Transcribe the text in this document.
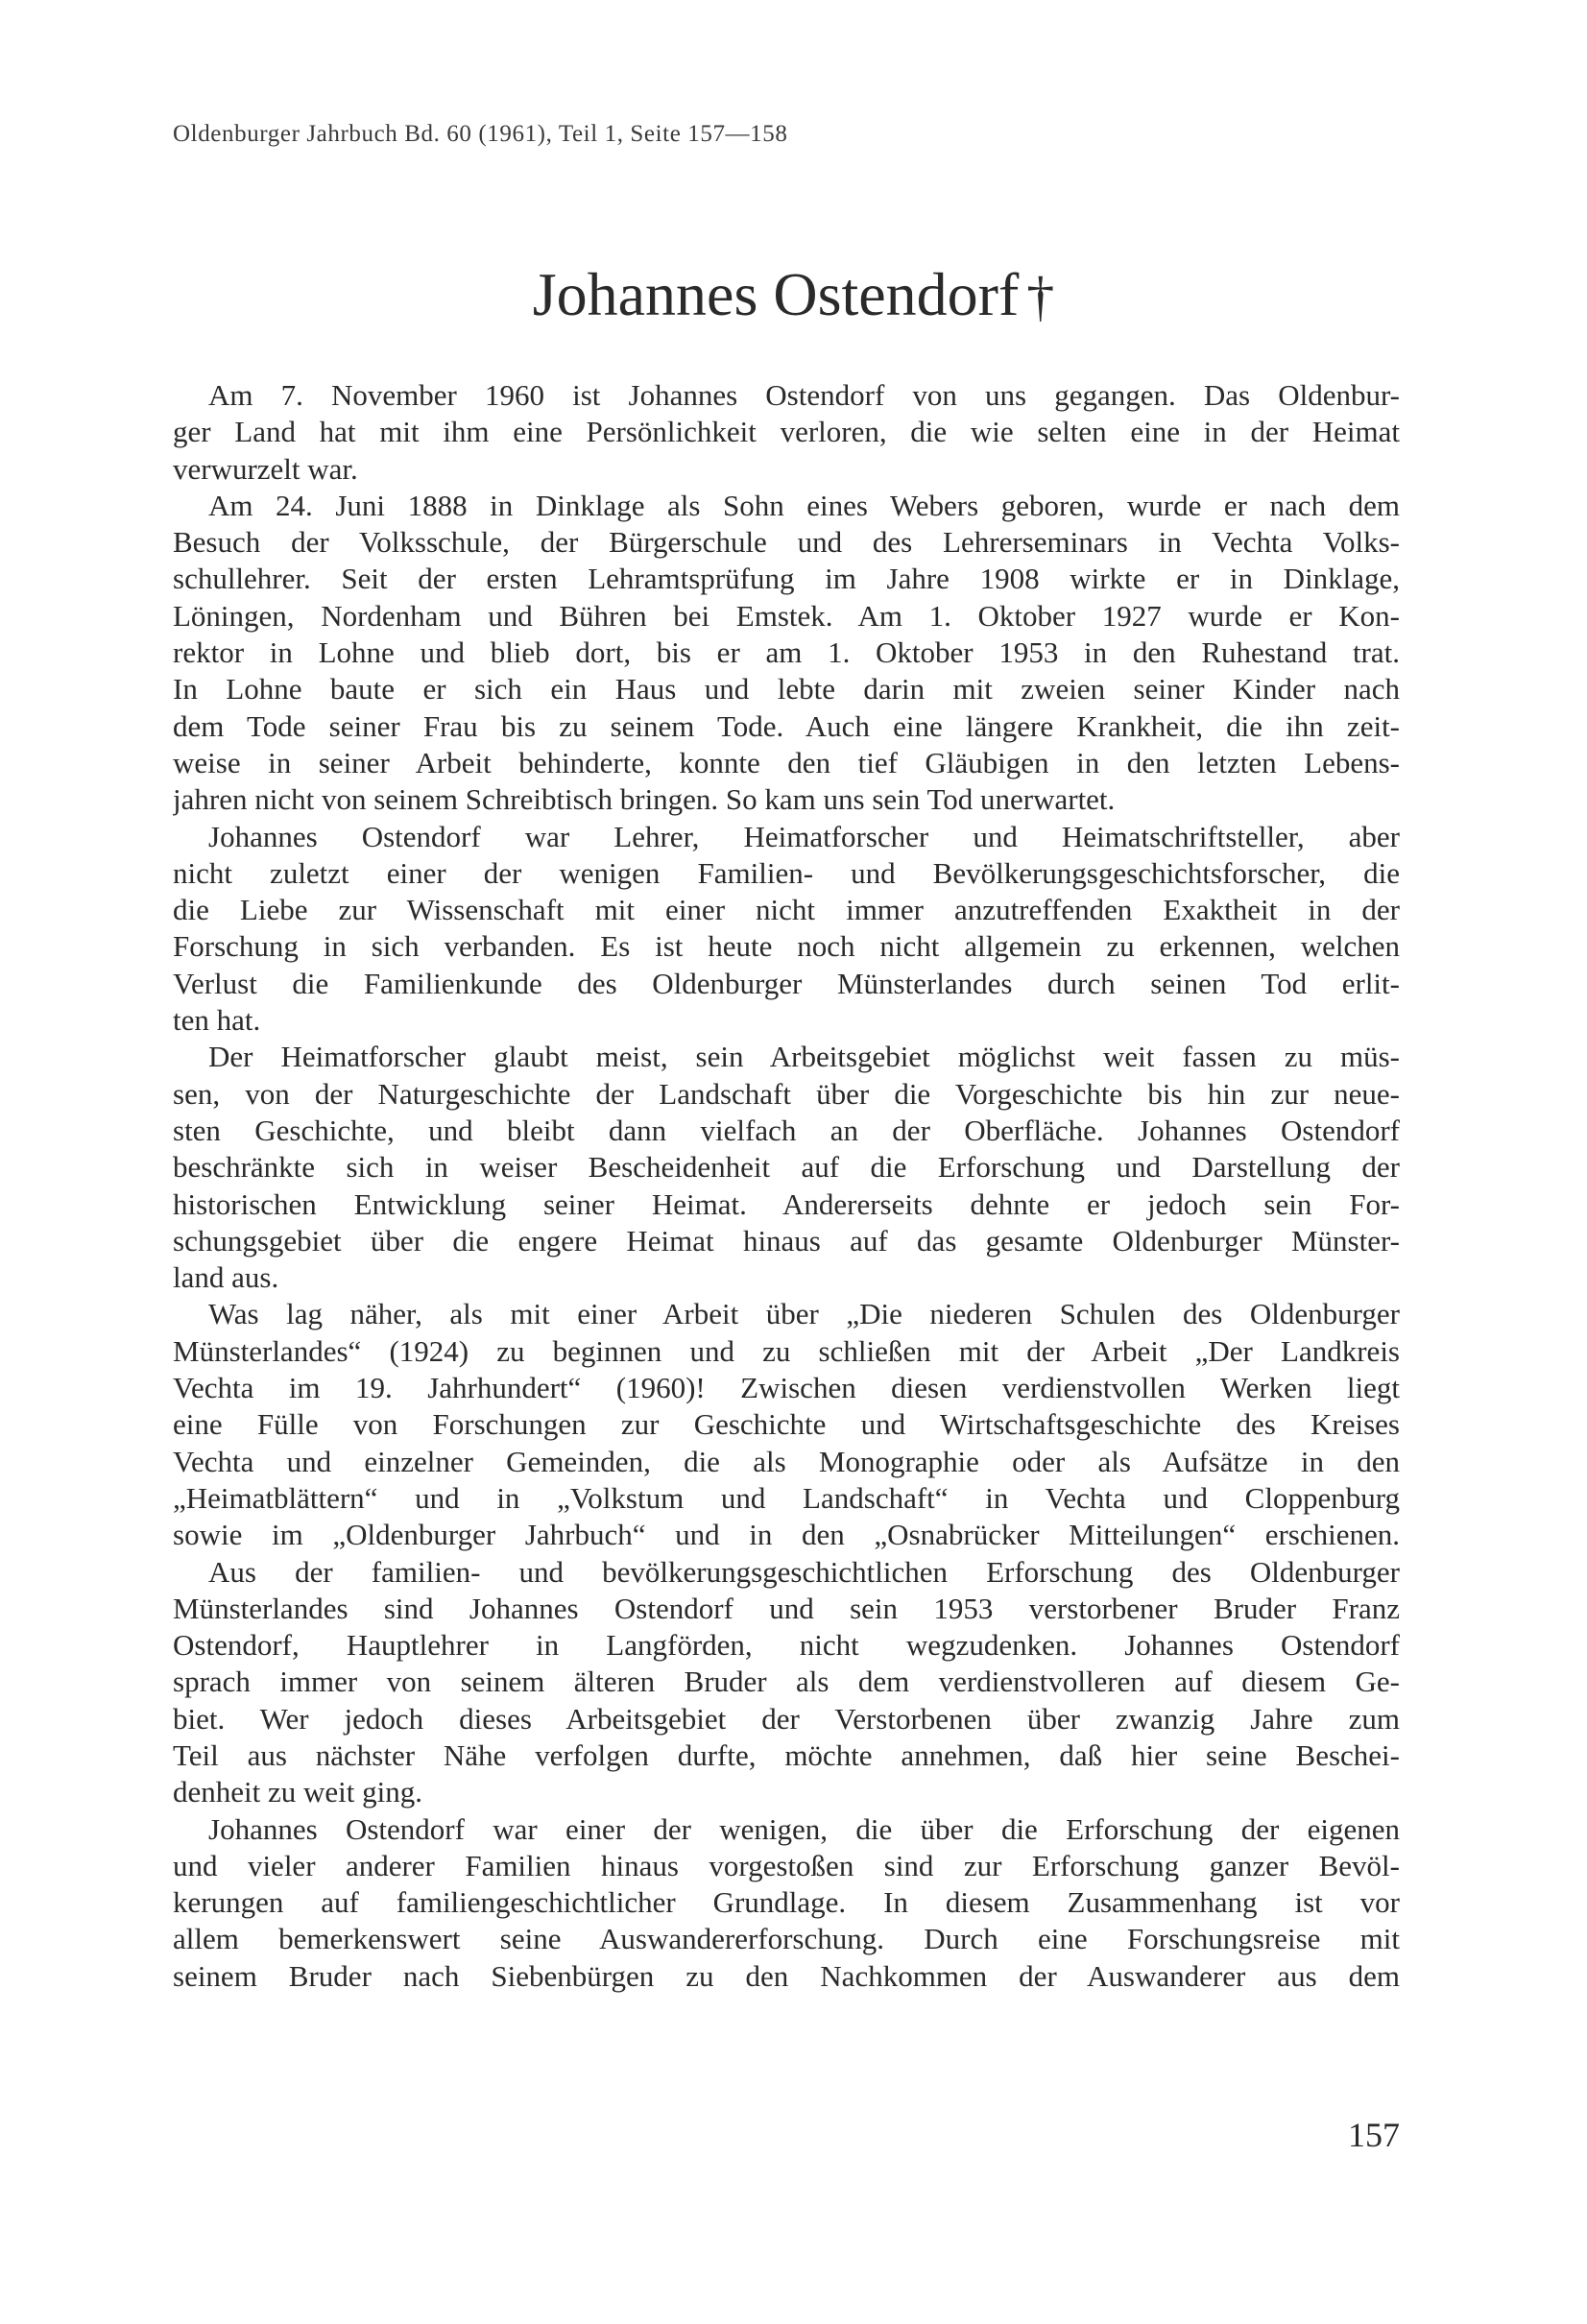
Oldenburger Jahrbuch Bd. 60 (1961), Teil 1, Seite 157—158
Johannes Ostendorf †
Am 7. November 1960 ist Johannes Ostendorf von uns gegangen. Das Oldenbur-
ger Land hat mit ihm eine Persönlichkeit verloren, die wie selten eine in der Heimat
verwurzelt war.
Am 24. Juni 1888 in Dinklage als Sohn eines Webers geboren, wurde er nach dem
Besuch der Volksschule, der Bürgerschule und des Lehrerseminars in Vechta Volks-
schullehrer. Seit der ersten Lehramtsprüfung im Jahre 1908 wirkte er in Dinklage,
Löningen, Nordenham und Bühren bei Emstek. Am 1. Oktober 1927 wurde er Kon-
rektor in Lohne und blieb dort, bis er am 1. Oktober 1953 in den Ruhestand trat.
In Lohne baute er sich ein Haus und lebte darin mit zweien seiner Kinder nach
dem Tode seiner Frau bis zu seinem Tode. Auch eine längere Krankheit, die ihn zeit-
weise in seiner Arbeit behinderte, konnte den tief Gläubigen in den letzten Lebens-
jahren nicht von seinem Schreibtisch bringen. So kam uns sein Tod unerwartet.
Johannes Ostendorf war Lehrer, Heimatforscher und Heimatschriftsteller, aber
nicht zuletzt einer der wenigen Familien- und Bevölkerungsgeschichtsforscher, die
die Liebe zur Wissenschaft mit einer nicht immer anzutreffenden Exaktheit in der
Forschung in sich verbanden. Es ist heute noch nicht allgemein zu erkennen, welchen
Verlust die Familienkunde des Oldenburger Münsterlandes durch seinen Tod erlit-
ten hat.
Der Heimatforscher glaubt meist, sein Arbeitsgebiet möglichst weit fassen zu müs-
sen, von der Naturgeschichte der Landschaft über die Vorgeschichte bis hin zur neue-
sten Geschichte, und bleibt dann vielfach an der Oberfläche. Johannes Ostendorf
beschränkte sich in weiser Bescheidenheit auf die Erforschung und Darstellung der
historischen Entwicklung seiner Heimat. Andererseits dehnte er jedoch sein For-
schungsgebiet über die engere Heimat hinaus auf das gesamte Oldenburger Münster-
land aus.
Was lag näher, als mit einer Arbeit über „Die niederen Schulen des Oldenburger
Münsterlandes“ (1924) zu beginnen und zu schließen mit der Arbeit „Der Landkreis
Vechta im 19. Jahrhundert“ (1960)! Zwischen diesen verdienstvollen Werken liegt
eine Fülle von Forschungen zur Geschichte und Wirtschaftsgeschichte des Kreises
Vechta und einzelner Gemeinden, die als Monographie oder als Aufsätze in den
„Heimatblättern“ und in „Volkstum und Landschaft“ in Vechta und Cloppenburg
sowie im „Oldenburger Jahrbuch“ und in den „Osnabrücker Mitteilungen“ erschienen.
Aus der familien- und bevölkerungsgeschichtlichen Erforschung des Oldenburger
Münsterlandes sind Johannes Ostendorf und sein 1953 verstorbener Bruder Franz
Ostendorf, Hauptlehrer in Langförden, nicht wegzudenken. Johannes Ostendorf
sprach immer von seinem älteren Bruder als dem verdienstvolleren auf diesem Ge-
biet. Wer jedoch dieses Arbeitsgebiet der Verstorbenen über zwanzig Jahre zum
Teil aus nächster Nähe verfolgen durfte, möchte annehmen, daß hier seine Beschei-
denheit zu weit ging.
Johannes Ostendorf war einer der wenigen, die über die Erforschung der eigenen
und vieler anderer Familien hinaus vorgestoßen sind zur Erforschung ganzer Bevöl-
kerungen auf familiengeschichtlicher Grundlage. In diesem Zusammenhang ist vor
allem bemerkenswert seine Auswandererforschung. Durch eine Forschungsreise mit
seinem Bruder nach Siebenbürgen zu den Nachkommen der Auswanderer aus dem
157
